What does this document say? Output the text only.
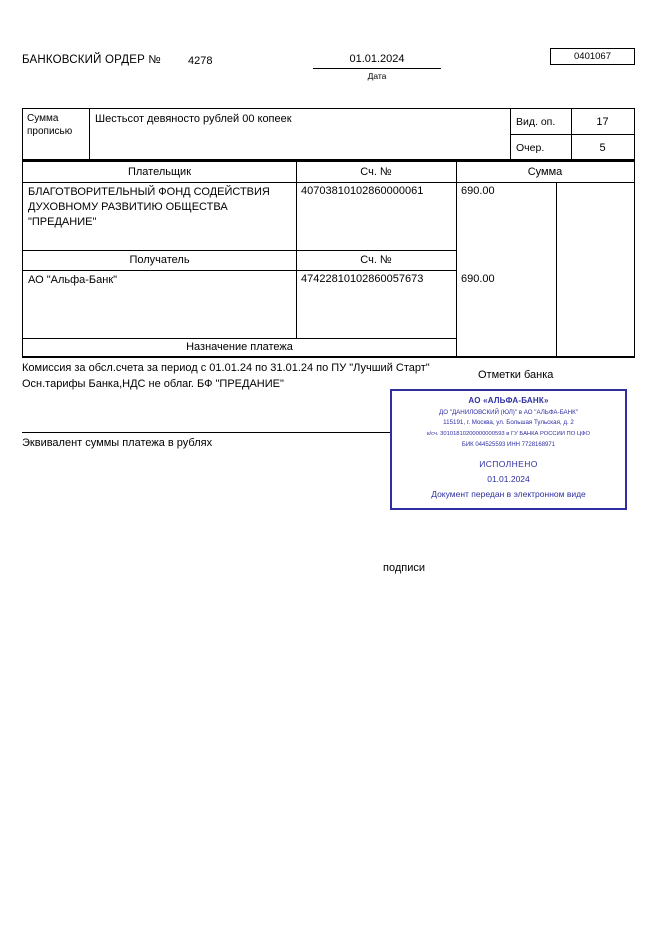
БАНКОВСКИЙ ОРДЕР № 4278	01.01.2024
Дата
0401067
Сумма прописью
Шестьсот девяносто рублей 00 копеек	Вид. оп.	17
Очер.	5
Плательщик	Сч. №	Сумма
БЛАГОТВОРИТЕЛЬНЫЙ ФОНД СОДЕЙСТВИЯ ДУХОВНОМУ РАЗВИТИЮ ОБЩЕСТВА "ПРЕДАНИЕ"
40703810102860000061	690.00
Получатель	Сч. №
АО "Альфа-Банк"	47422810102860057673	690.00
Назначение платежа
Комиссия за обсл.счета за период с 01.01.24 по 31.01.24 по ПУ "Лучший Старт"
Осн.тарифы Банка,НДС не облаг. БФ "ПРЕДАНИЕ"
Отметки банка
АО «АЛЬФА-БАНК»
ДО "ДАНИЛОВСКИЙ (ЮЛ)" в АО "АЛЬФА-БАНК"
115191, г. Москва, ул. Большая Тульская, д. 2
к/сч. 30101810200000000593 в ГУ БАНКА РОССИИ ПО ЦФО
БИК 044525593 ИНН 7728168971
ИСПОЛНЕНО
01.01.2024
Документ передан в электронном виде
Эквивалент суммы платежа в рублях
подписи
